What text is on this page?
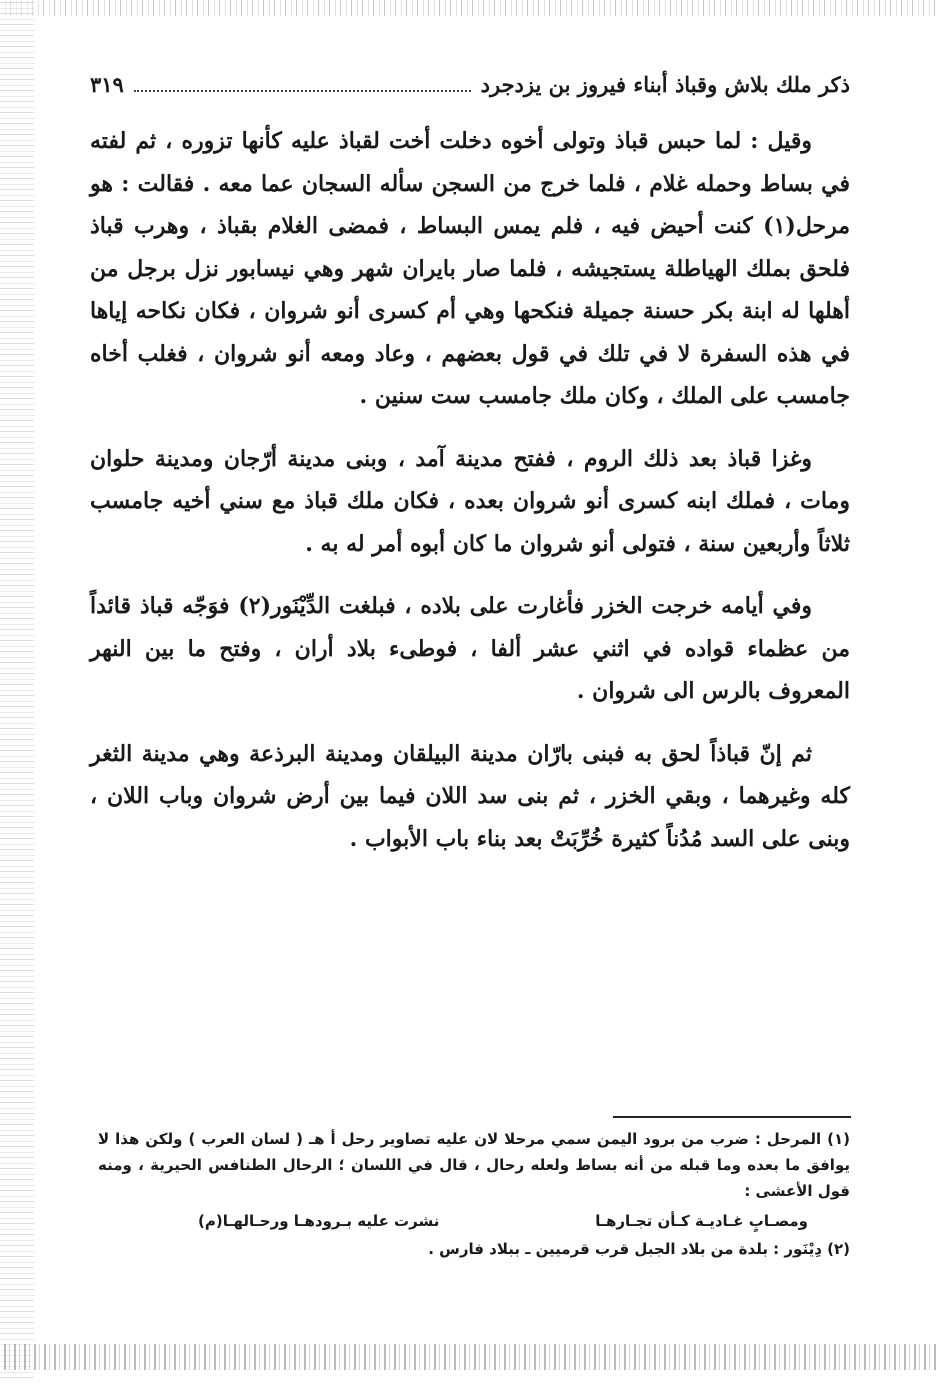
ذكر ملك بلاش وقباذ أبناء فيروز بن يزدجرد
٣١٩

وقيل : لما حبس قباذ وتولى أخوه دخلت أخت لقباذ عليه كأنها تزوره ، ثم لفته في بساط وحمله غلام ، فلما خرج من السجن سأله السجان عما معه . فقالت : هو مرحل(١) كنت أحيض فيه ، فلم يمس البساط ، فمضى الغلام بقباذ ، وهرب قباذ فلحق بملك الهياطلة يستجيشه ، فلما صار بايران شهر وهي نيسابور نزل برجل من أهلها له ابنة بكر حسنة جميلة فنكحها وهي أم كسرى أنو شروان ، فكان نكاحه إياها في هذه السفرة لا في تلك في قول بعضهم ، وعاد ومعه أنو شروان ، فغلب أخاه جامسب على الملك ، وكان ملك جامسب ست سنين .

وغزا قباذ بعد ذلك الروم ، ففتح مدينة آمد ، وبنى مدينة أرّجان ومدينة حلوان ومات ، فملك ابنه كسرى أنو شروان بعده ، فكان ملك قباذ مع سني أخيه جامسب ثلاثاً وأربعين سنة ، فتولى أنو شروان ما كان أبوه أمر له به .

وفي أيامه خرجت الخزر فأغارت على بلاده ، فبلغت الدِّيْنَور(٢) فوَجّه قباذ قائداً من عظماء قواده في اثني عشر ألفا ، فوطىء بلاد أران ، وفتح ما بين النهر المعروف بالرس الى شروان .

ثم إنّ قباذاً لحق به فبنى بارّان مدينة البيلقان ومدينة البرذعة وهي مدينة الثغر كله وغيرهما ، وبقي الخزر ، ثم بنى سد اللان فيما بين أرض شروان وباب اللان ، وبنى على السد مُدُناً كثيرة خُرِّبَتْ بعد بناء باب الأبواب .

(١) المرحل : ضرب من برود اليمن سمي مرحلا لان عليه تصاوير رحل أ هـ ( لسان العرب ) ولكن هذا لا يوافق ما بعده وما قبله من أنه بساط ولعله رحال ، قال في اللسان ؛ الرحال الطنافس الحيرية ، ومنه قول الأعشى :

ومصـابٍ غـاديـة كـأن تجـارهـا
نشرت عليه بـرودهـا ورحـالهـا(م)

(٢) دِيْنَور : بلدة من بلاد الجبل قرب قرميين ـ ببلاد فارس .
